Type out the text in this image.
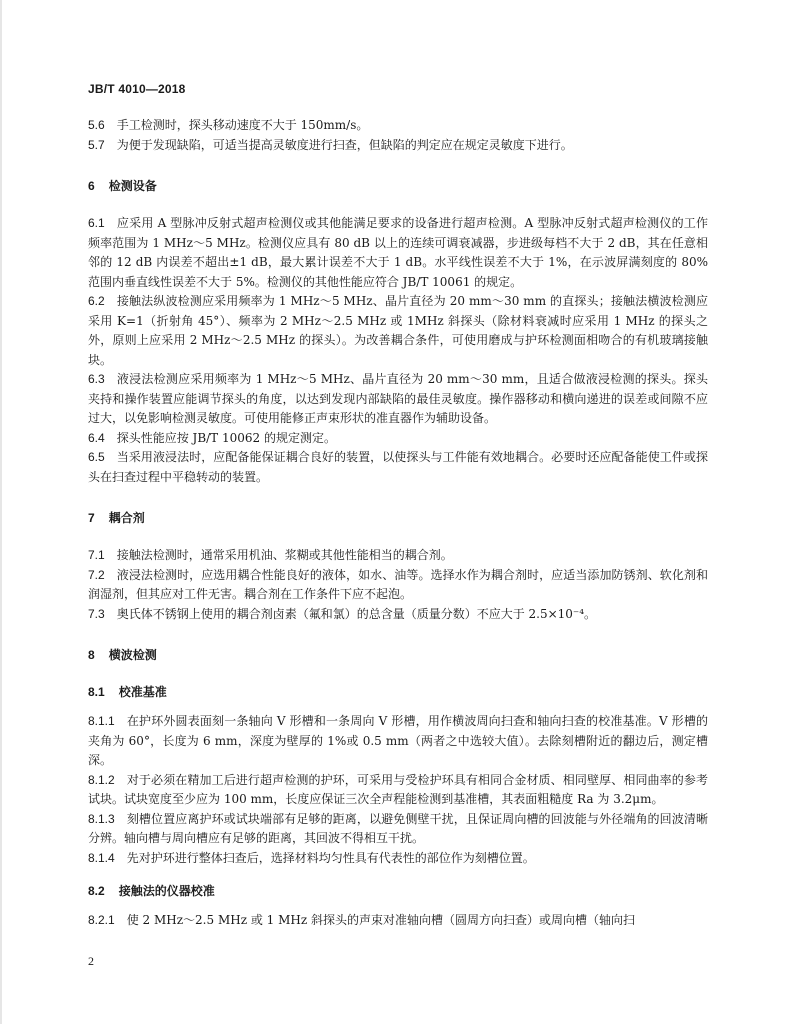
JB/T 4010—2018

5.6 手工检测时，探头移动速度不大于 150mm/s。

5.7 为便于发现缺陷，可适当提高灵敏度进行扫查，但缺陷的判定应在规定灵敏度下进行。

6 检测设备

6.1 应采用 A 型脉冲反射式超声检测仪或其他能满足要求的设备进行超声检测。A 型脉冲反射式超声检测仪的工作频率范围为 1 MHz～5 MHz。检测仪应具有 80 dB 以上的连续可调衰减器，步进级每档不大于 2 dB，其在任意相邻的 12 dB 内误差不超出±1 dB，最大累计误差不大于 1 dB。水平线性误差不大于 1%，在示波屏满刻度的 80%范围内垂直线性误差不大于 5%。检测仪的其他性能应符合 JB/T 10061 的规定。

6.2 接触法纵波检测应采用频率为 1 MHz～5 MHz、晶片直径为 20 mm～30 mm 的直探头；接触法横波检测应采用 K=1（折射角 45°）、频率为 2 MHz～2.5 MHz 或 1MHz 斜探头（除材料衰减时应采用 1 MHz 的探头之外，原则上应采用 2 MHz～2.5 MHz 的探头）。为改善耦合条件，可使用磨成与护环检测面相吻合的有机玻璃接触块。

6.3 液浸法检测应采用频率为 1 MHz～5 MHz、晶片直径为 20 mm～30 mm，且适合做液浸检测的探头。探头夹持和操作装置应能调节探头的角度，以达到发现内部缺陷的最佳灵敏度。操作器移动和横向递进的误差或间隙不应过大，以免影响检测灵敏度。可使用能修正声束形状的准直器作为辅助设备。

6.4 探头性能应按 JB/T 10062 的规定测定。

6.5 当采用液浸法时，应配备能保证耦合良好的装置，以使探头与工件能有效地耦合。必要时还应配备能使工件或探头在扫查过程中平稳转动的装置。

7 耦合剂

7.1 接触法检测时，通常采用机油、浆糊或其他性能相当的耦合剂。

7.2 液浸法检测时，应选用耦合性能良好的液体，如水、油等。选择水作为耦合剂时，应适当添加防锈剂、软化剂和润湿剂，但其应对工件无害。耦合剂在工作条件下应不起泡。

7.3 奥氏体不锈钢上使用的耦合剂卤素（氟和氯）的总含量（质量分数）不应大于 2.5×10⁻⁴。

8 横波检测

8.1 校准基准

8.1.1 在护环外圆表面刻一条轴向 V 形槽和一条周向 V 形槽，用作横波周向扫查和轴向扫查的校准基准。V 形槽的夹角为 60°，长度为 6 mm，深度为壁厚的 1%或 0.5 mm（两者之中选较大值）。去除刻槽附近的翻边后，测定槽深。

8.1.2 对于必须在精加工后进行超声检测的护环，可采用与受检护环具有相同合金材质、相同壁厚、相同曲率的参考试块。试块宽度至少应为 100 mm，长度应保证三次全声程能检测到基准槽，其表面粗糙度 Ra 为 3.2μm。

8.1.3 刻槽位置应离护环或试块端部有足够的距离，以避免侧壁干扰，且保证周向槽的回波能与外径端角的回波清晰分辨。轴向槽与周向槽应有足够的距离，其回波不得相互干扰。

8.1.4 先对护环进行整体扫查后，选择材料均匀性具有代表性的部位作为刻槽位置。

8.2 接触法的仪器校准

8.2.1 使 2 MHz～2.5 MHz 或 1 MHz 斜探头的声束对准轴向槽（圆周方向扫查）或周向槽（轴向扫

2
